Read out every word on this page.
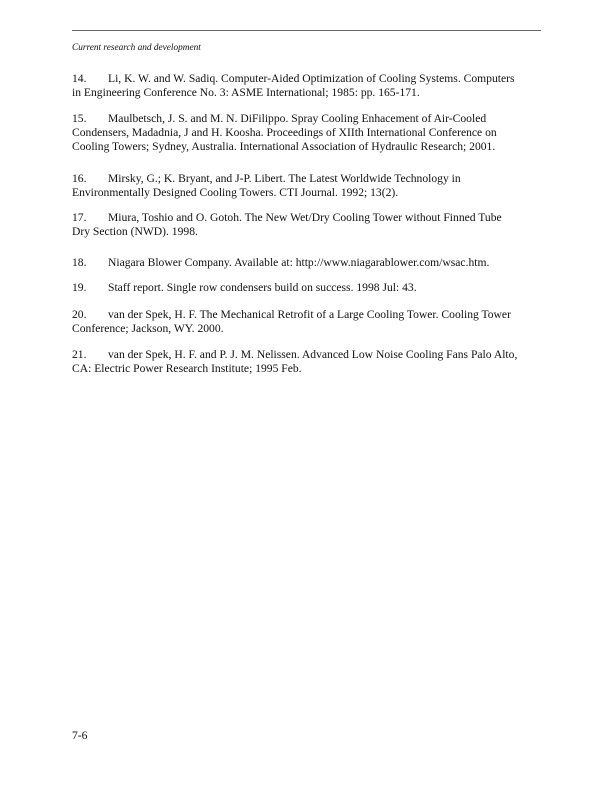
Current research and development
14. Li, K. W. and W. Sadiq. Computer-Aided Optimization of Cooling Systems. Computers
in Engineering Conference No. 3: ASME International; 1985: pp. 165-171.
15. Maulbetsch, J. S. and M. N. DiFilippo. Spray Cooling Enhacement of Air-Cooled
Condensers, Madadnia, J and H. Koosha. Proceedings of XIIth International Conference on
Cooling Towers; Sydney, Australia. International Association of Hydraulic Research; 2001.
16. Mirsky, G.; K. Bryant, and J-P. Libert. The Latest Worldwide Technology in
Environmentally Designed Cooling Towers. CTI Journal. 1992; 13(2).
17. Miura, Toshio and O. Gotoh. The New Wet/Dry Cooling Tower without Finned Tube
Dry Section (NWD). 1998.
18. Niagara Blower Company. Available at: http://www.niagarablower.com/wsac.htm.
19. Staff report. Single row condensers build on success. 1998 Jul: 43.
20. van der Spek, H. F. The Mechanical Retrofit of a Large Cooling Tower. Cooling Tower
Conference; Jackson, WY. 2000.
21. van der Spek, H. F. and P. J. M. Nelissen. Advanced Low Noise Cooling Fans Palo Alto,
CA: Electric Power Research Institute; 1995 Feb.
7-6
